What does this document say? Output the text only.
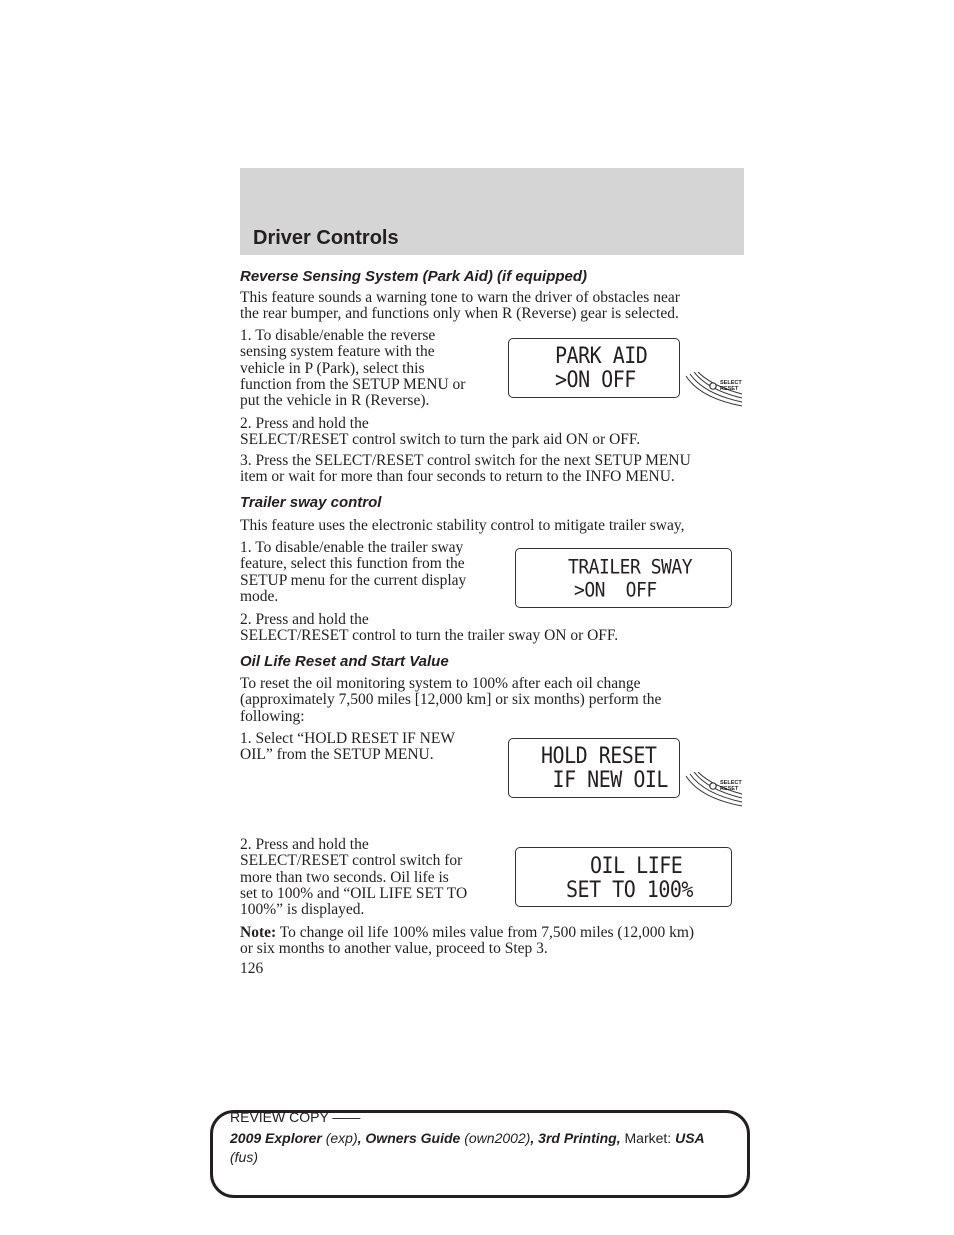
Driver Controls
Reverse Sensing System (Park Aid) (if equipped)
This feature sounds a warning tone to warn the driver of obstacles near
the rear bumper, and functions only when R (Reverse) gear is selected.
1. To disable/enable the reverse
sensing system feature with the
vehicle in P (Park), select this
function from the SETUP MENU or
put the vehicle in R (Reverse).
2. Press and hold the
SELECT/RESET control switch to turn the park aid ON or OFF.
3. Press the SELECT/RESET control switch for the next SETUP MENU
item or wait for more than four seconds to return to the INFO MENU.
PARK AID
>ON OFF	SELECT
RESET
Trailer sway control
This feature uses the electronic stability control to mitigate trailer sway,
1. To disable/enable the trailer sway
feature, select this function from the
SETUP menu for the current display
mode.
2. Press and hold the
SELECT/RESET control to turn the trailer sway ON or OFF.
TRAILER SWAY
>ON  OFF
Oil Life Reset and Start Value
To reset the oil monitoring system to 100% after each oil change
(approximately 7,500 miles [12,000 km] or six months) perform the
following:
1. Select “HOLD RESET IF NEW
OIL” from the SETUP MENU.	HOLD RESET
IF NEW OIL	SELECT
RESET
2. Press and hold the
SELECT/RESET control switch for
more than two seconds. Oil life is
set to 100% and “OIL LIFE SET TO
100%” is displayed.
OIL LIFE
SET TO 100%
Note: To change oil life 100% miles value from 7,500 miles (12,000 km)
or six months to another value, proceed to Step 3.
126
REVIEW COPY ——
2009 Explorer (exp), Owners Guide (own2002), 3rd Printing, Market: USA
(fus)
